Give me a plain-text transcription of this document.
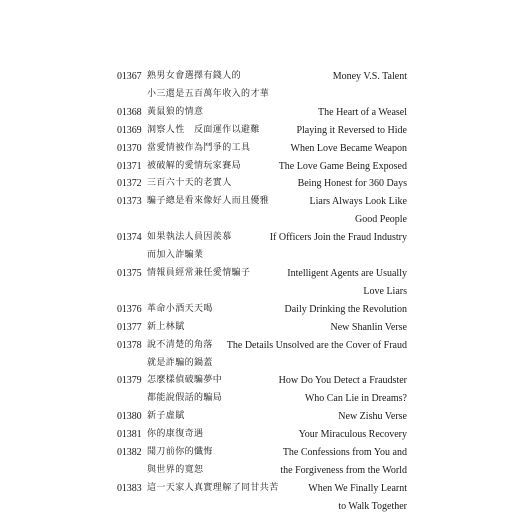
01367 熟男女會選擇有錢人的	Money V.S. Talent
小三還是五百萬年收入的才華
01368 黃鼠狼的情意	The Heart of a Weasel
01369 洞察人性　反面運作以避難	Playing it Reversed to Hide
01370 當愛情被作為鬥爭的工具	When Love Became Weapon
01371 被破解的愛情玩家賽局	The Love Game Being Exposed
01372 三百六十天的老實人	Being Honest for 360 Days
01373 騙子總是看來像好人而且優雅	Liars Always Look Like
Good People
01374 如果執法人員因羨慕	If Officers Join the Fraud Industry
而加入詐騙業
01375 情報員經常兼任愛情騙子	Intelligent Agents are Usually
Love Liars
01376 革命小酒天天喝	Daily Drinking the Revolution
01377 新上林賦	New Shanlin Verse
01378 說不清楚的角落	The Details Unsolved are the Cover of Fraud
就是詐騙的鍋蓋
01379 怎麼樣偵破騙夢中	How Do You Detect a Fraudster
都能說假話的騙局	Who Can Lie in Dreams?
01380 新子虛賦	New Zishu Verse
01381 你的康復奇遇	Your Miraculous Recovery
01382 聞刀前你的懺悔	The Confessions from You and
與世界的寬恕	the Forgiveness from the World
01383 這一天家人真實理解了同甘共苦	When We Finally Learnt
to Walk Together
